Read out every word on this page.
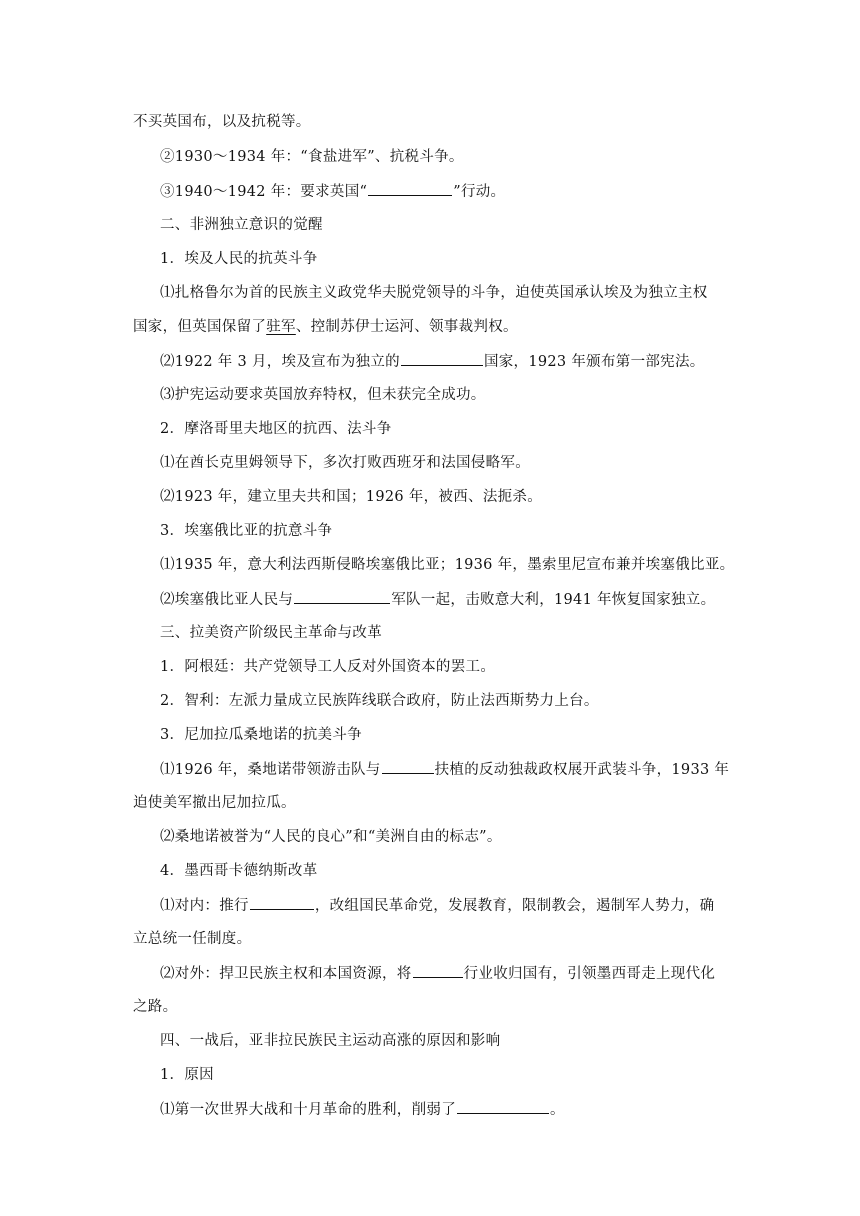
不买英国布，以及抗税等。
②1930～1934 年：“食盐进军”、抗税斗争。
③1940～1942 年：要求英国“	”行动。
二、非洲独立意识的觉醒
1．埃及人民的抗英斗争
⑴扎格鲁尔为首的民族主义政党华夫脱党领导的斗争，迫使英国承认埃及为独立主权
国家，但英国保留了驻军、控制苏伊士运河、领事裁判权。
⑵1922 年 3 月，埃及宣布为独立的	国家，1923 年颁布第一部宪法。
⑶护宪运动要求英国放弃特权，但未获完全成功。
2．摩洛哥里夫地区的抗西、法斗争
⑴在酋长克里姆领导下，多次打败西班牙和法国侵略军。
⑵1923 年，建立里夫共和国；1926 年，被西、法扼杀。
3．埃塞俄比亚的抗意斗争
⑴1935 年，意大利法西斯侵略埃塞俄比亚；1936 年，墨索里尼宣布兼并埃塞俄比亚。
⑵埃塞俄比亚人民与	军队一起，击败意大利，1941 年恢复国家独立。
三、拉美资产阶级民主革命与改革
1．阿根廷：共产党领导工人反对外国资本的罢工。
2．智利：左派力量成立民族阵线联合政府，防止法西斯势力上台。
3．尼加拉瓜桑地诺的抗美斗争
⑴1926 年，桑地诺带领游击队与	扶植的反动独裁政权展开武装斗争，1933 年
迫使美军撤出尼加拉瓜。
⑵桑地诺被誉为“人民的良心”和“美洲自由的标志”。
4．墨西哥卡德纳斯改革
⑴对内：推行	，改组国民革命党，发展教育，限制教会，遏制军人势力，确
立总统一任制度。
⑵对外：捍卫民族主权和本国资源，将	行业收归国有，引领墨西哥走上现代化
之路。
四、一战后，亚非拉民族民主运动高涨的原因和影响
1．原因
⑴第一次世界大战和十月革命的胜利，削弱了	。
